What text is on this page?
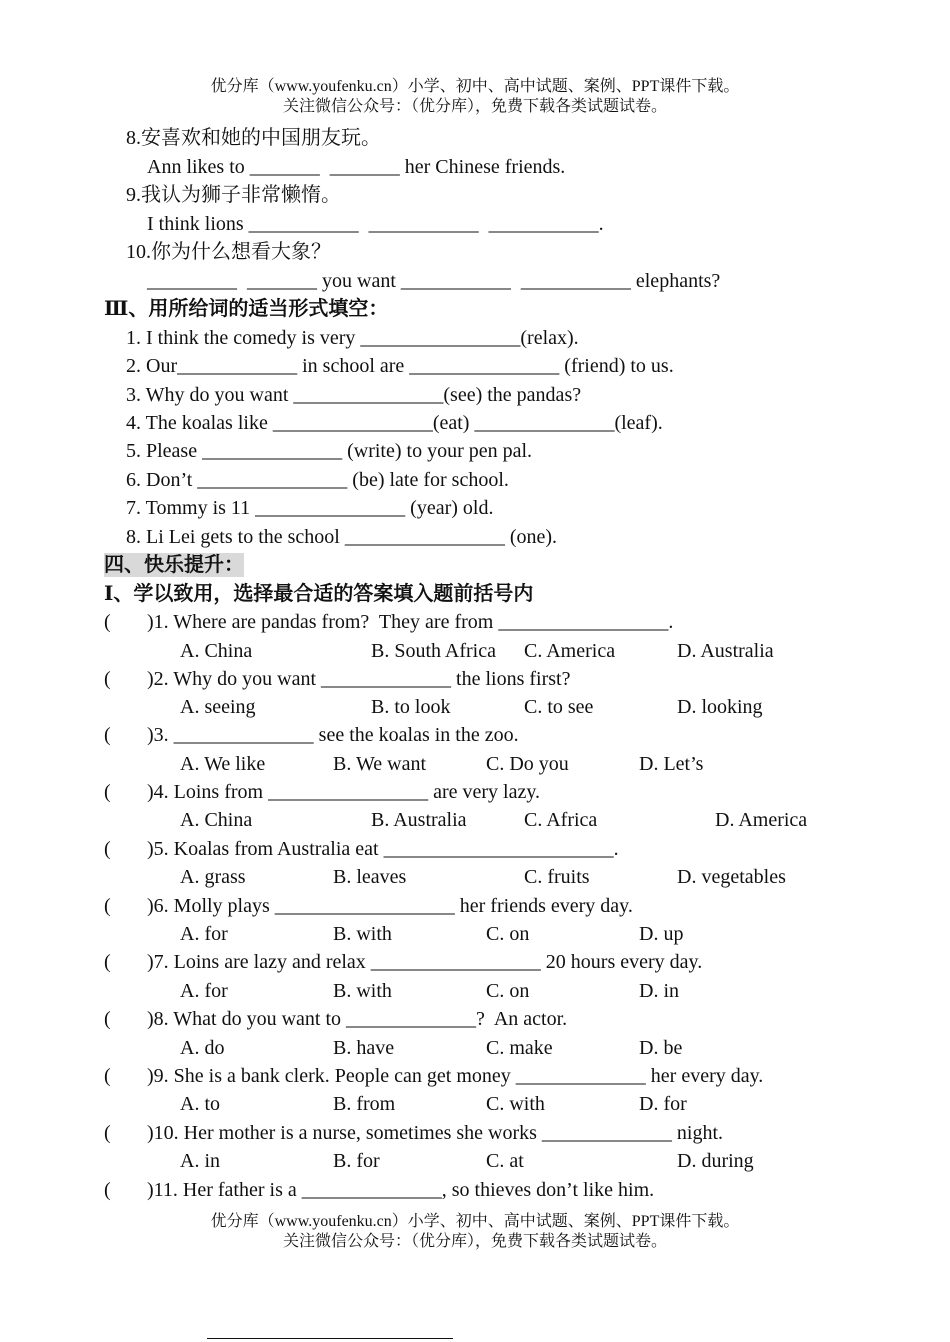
优分库（www.youfenku.cn）小学、初中、高中试题、案例、PPT课件下载。
关注微信公众号：（优分库），免费下载各类试题试卷。
8.安喜欢和她的中国朋友玩。
Ann likes to _______  _______ her Chinese friends.
9.我认为狮子非常懒惰。
I think lions ___________  ___________  ___________.
10.你为什么想看大象？
_________  _______ you want ___________  ___________ elephants?
Ⅲ、用所给词的适当形式填空：
1. I think the comedy is very ________________(relax).
2. Our____________ in school are _______________ (friend) to us.
3. Why do you want _______________(see) the pandas?
4. The koalas like ________________(eat) ______________(leaf).
5. Please ______________ (write) to your pen pal.
6. Don’t _______________ (be) late for school.
7. Tommy is 11 _______________ (year) old.
8. Li Lei gets to the school ________________ (one).
四、快乐提升：
Ⅰ、学以致用，选择最合适的答案填入题前括号内
( )1. Where are pandas from?  They are from _________________.
A. China	B. South Africa C. America	D. Australia
( )2. Why do you want _____________ the lions first?
A. seeing	B. to look	C. to see	D. looking
( )3. ______________ see the koalas in the zoo.
A. We like	B. We want	C. Do you	D. Let’s
( )4. Loins from ________________ are very lazy.
A. China	B. Australia	C. Africa	D. America
( )5. Koalas from Australia eat _______________________.
A. grass	B. leaves	C. fruits	D. vegetables
( )6. Molly plays __________________ her friends every day.
A. for	B. with	C. on	D. up
( )7. Loins are lazy and relax _________________ 20 hours every day.
A. for	B. with	C. on	D. in
( )8. What do you want to _____________?  An actor.
A. do	B. have	C. make	D. be
( )9. She is a bank clerk. People can get money _____________ her every day.
A. to	B. from	C. with	D. for
( )10. Her mother is a nurse, sometimes she works _____________ night.
A. in	B. for	C. at	D. during
( )11. Her father is a ______________, so thieves don’t like him.
优分库（www.youfenku.cn）小学、初中、高中试题、案例、PPT课件下载。
关注微信公众号：（优分库），免费下载各类试题试卷。
